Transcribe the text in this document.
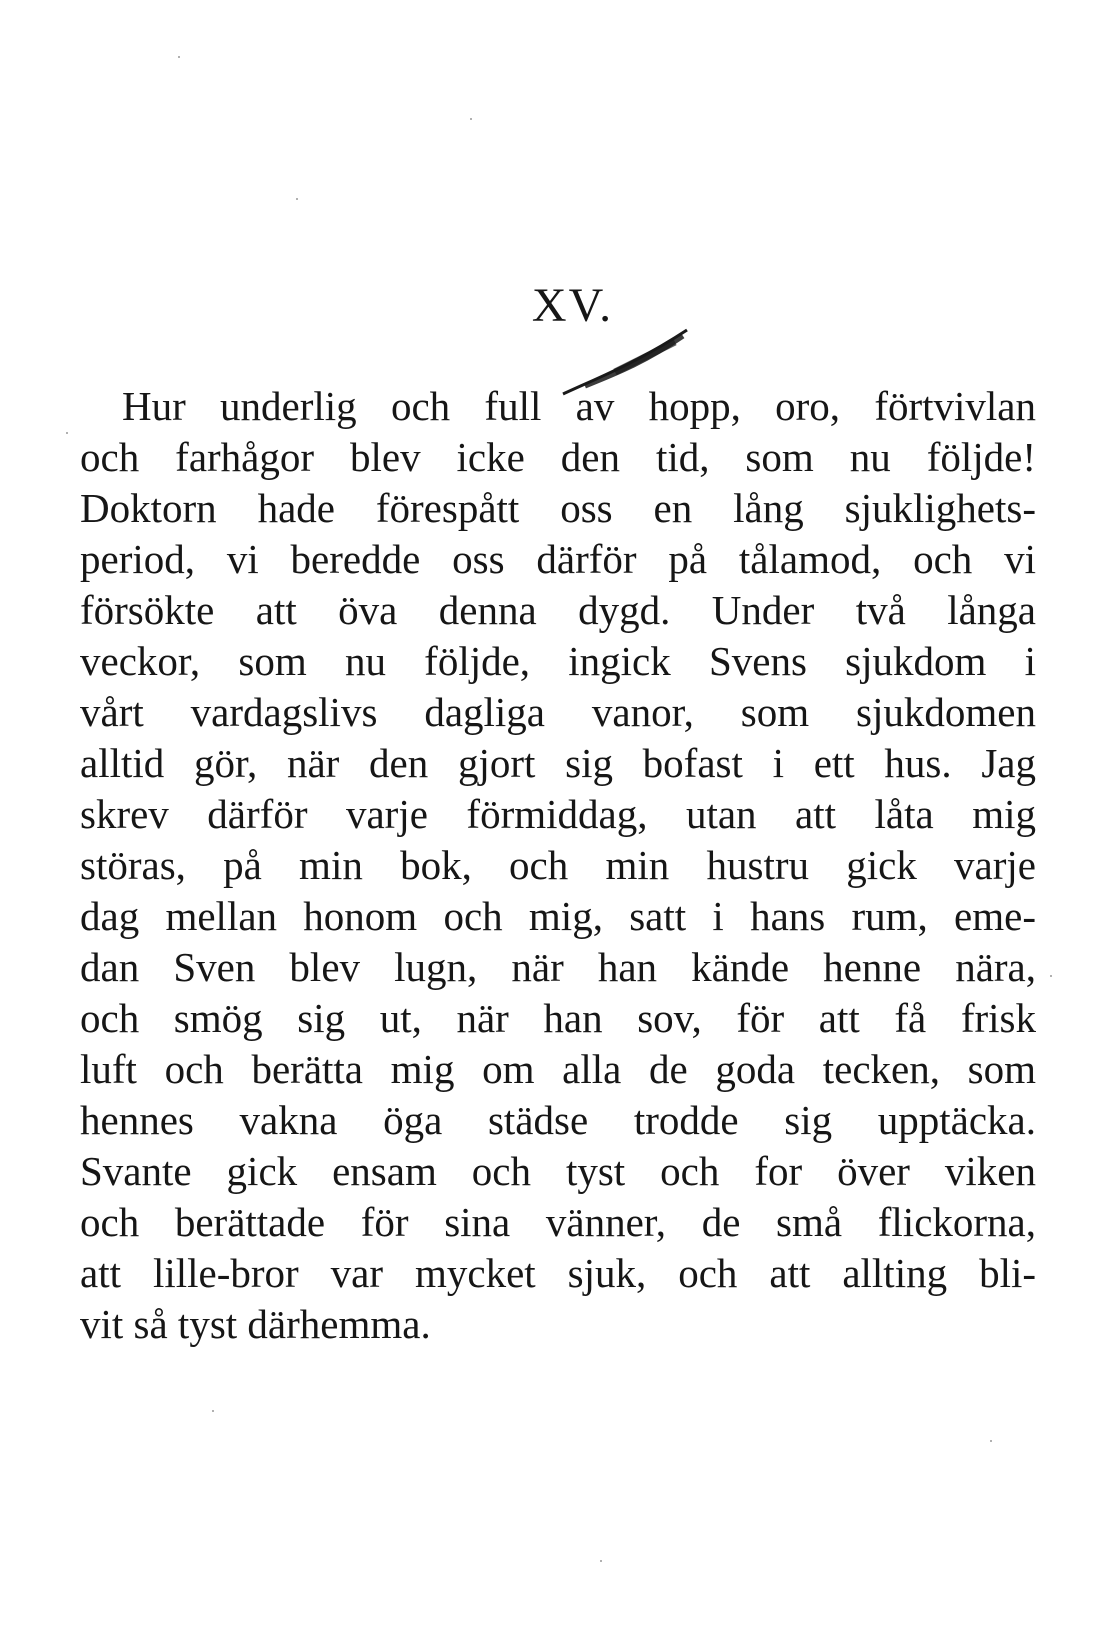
XV.
Hur underlig och full av hopp, oro, förtvivlan
och farhågor blev icke den tid, som nu följde!
Doktorn hade förespått oss en lång sjuklighets-
period, vi beredde oss därför på tålamod, och vi
försökte att öva denna dygd. Under två långa
veckor, som nu följde, ingick Svens sjukdom i
vårt vardagslivs dagliga vanor, som sjukdomen
alltid gör, när den gjort sig bofast i ett hus. Jag
skrev därför varje förmiddag, utan att låta mig
störas, på min bok, och min hustru gick varje
dag mellan honom och mig, satt i hans rum, eme-
dan Sven blev lugn, när han kände henne nära,
och smög sig ut, när han sov, för att få frisk
luft och berätta mig om alla de goda tecken, som
hennes vakna öga städse trodde sig upptäcka.
Svante gick ensam och tyst och for över viken
och berättade för sina vänner, de små flickorna,
att lille-bror var mycket sjuk, och att allting bli-
vit så tyst därhemma.
